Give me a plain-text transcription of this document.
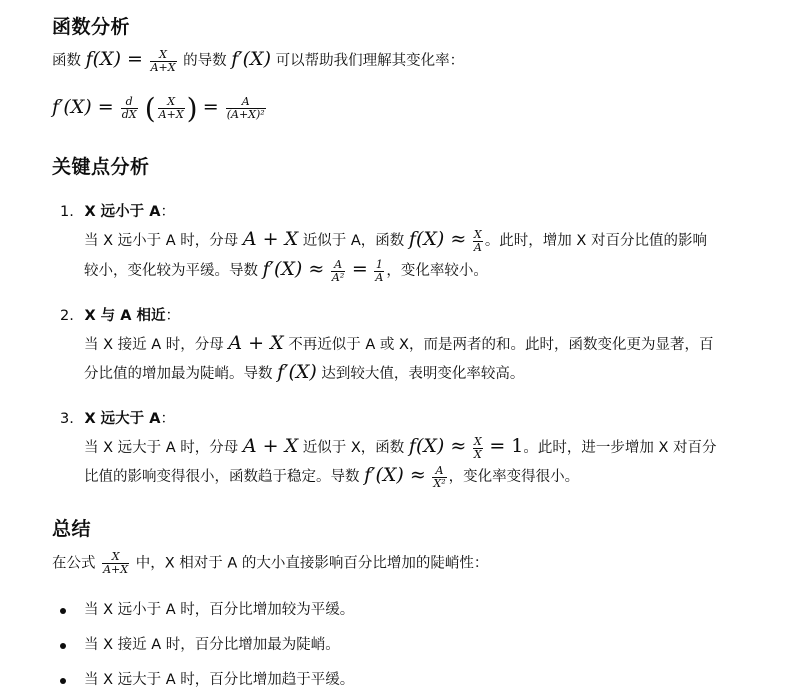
函数分析
函数 $f(X) = \frac{X}{A+X}$ 的导数 f′(X) 可以帮助我们理解其变化率：
$f'(X) = \frac{d}{dX}$ ( $\frac{X}{A+X}$ ) = $\frac{A}{\text{(A+X)²}}$
关键点分析
1. X 远小于 A：
当 X 远小于 A 时，分母 A + X 近似于 A，函数 $f(X) \approx \frac{X}{A}$ 。此时，增加 X 对百分比值的影响
较小，变化较为平缓。导数 $f'(X) \approx \frac{A}{\text{A²}} = \frac{1}{A}$ ，变化率较小。
2. X 与 A 相近：
当 X 接近 A 时，分母 A + X 不再近似于 A 或 X，而是两者的和。此时，函数变化更为显著，百
分比值的增加最为陡峭。导数 f′(X) 达到较大值，表明变化率较高。
3. X 远大于 A：
当 X 远大于 A 时，分母 A + X 近似于 X，函数 $f(X) \approx \frac{X}{X} = 1$。此时，进一步增加 X 对百分
比值的影响变得很小，函数趋于稳定。导数 $f'(X) \approx \frac{A}{\text{X²}}$ ，变化率变得很小。
总结
在公式 $\frac{X}{A+X}$ 中，X 相对于 A 的大小直接影响百分比增加的陡峭性：
当 X 远小于 A 时，百分比增加较为平缓。
当 X 接近 A 时，百分比增加最为陡峭。
当 X 远大于 A 时，百分比增加趋于平缓。
